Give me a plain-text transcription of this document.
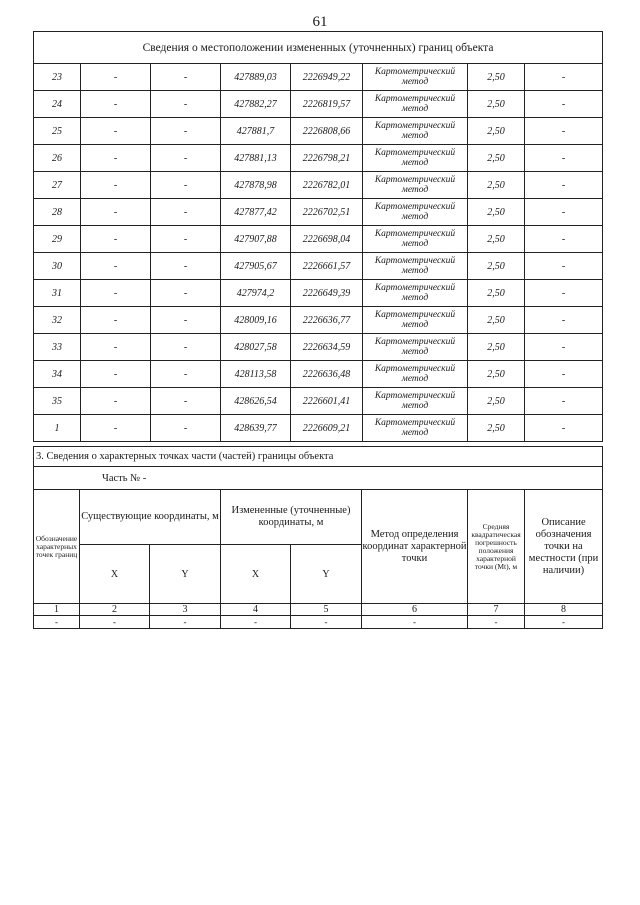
61
Сведения о местоположении измененных (уточненных) границ объекта							
23	-	-	427889,03	2226949,22	Картометрический метод	2,50	-
24	-	-	427882,27	2226819,57	Картометрический метод	2,50	-
25	-	-	427881,7	2226808,66	Картометрический метод	2,50	-
26	-	-	427881,13	2226798,21	Картометрический метод	2,50	-
27	-	-	427878,98	2226782,01	Картометрический метод	2,50	-
28	-	-	427877,42	2226702,51	Картометрический метод	2,50	-
29	-	-	427907,88	2226698,04	Картометрический метод	2,50	-
30	-	-	427905,67	2226661,57	Картометрический метод	2,50	-
31	-	-	427974,2	2226649,39	Картометрический метод	2,50	-
32	-	-	428009,16	2226636,77	Картометрический метод	2,50	-
33	-	-	428027,58	2226634,59	Картометрический метод	2,50	-
34	-	-	428113,58	2226636,48	Картометрический метод	2,50	-
35	-	-	428626,54	2226601,41	Картометрический метод	2,50	-
1	-	-	428639,77	2226609,21	Картометрический метод	2,50	-
3. Сведения о характерных точках части (частей) границы объекта							
Часть № -							
Обозначение характерных точек границ	Существующие координаты, м		Измененные (уточненные) координаты, м		Метод определения координат характерной точки	Средняя квадратическая погрешность положения характерной точки (Mt), м	Описание обозначения точки на местности (при наличии)
	X	Y	X	Y			
1	2	3	4	5	6	7	8
-	-	-	-	-	-	-	-
